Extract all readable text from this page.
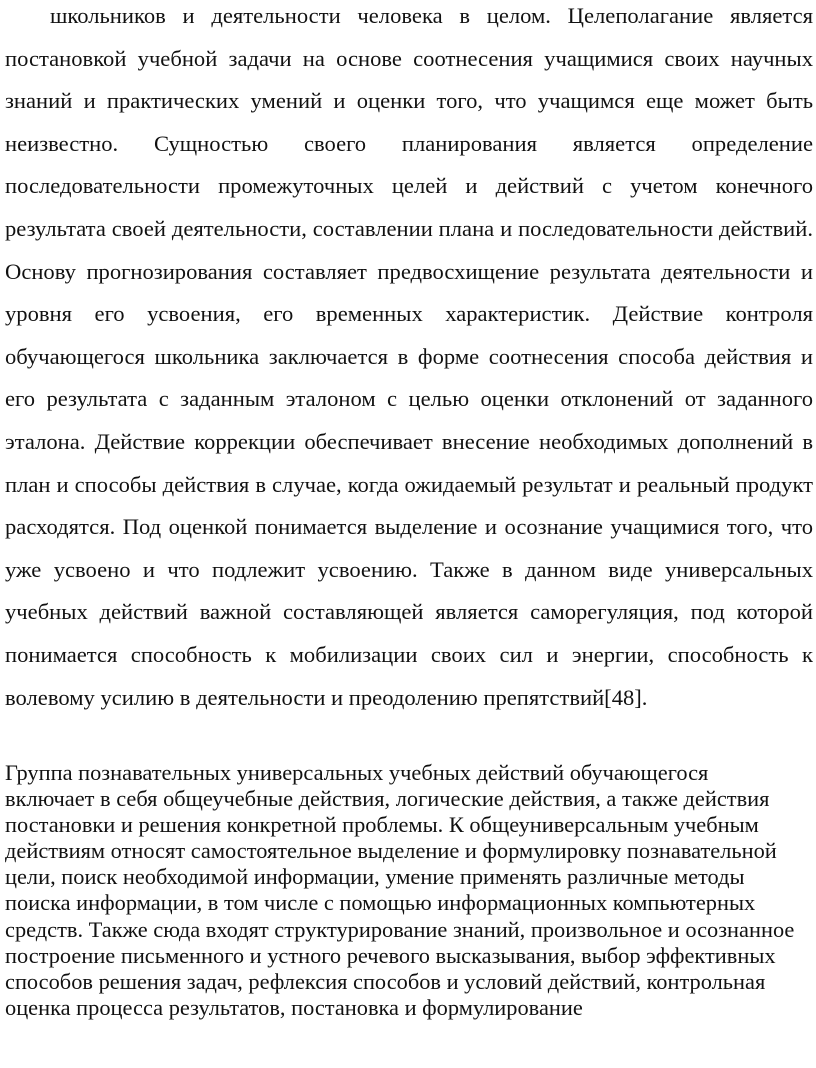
школьников и деятельности человека в целом. Целеполагание является постановкой учебной задачи на основе соотнесения учащимися своих научных знаний и практических умений и оценки того, что учащимся еще может быть неизвестно. Сущностью своего планирования является определение последовательности промежуточных целей и действий с учетом конечного результата своей деятельности, составлении плана и последовательности действий. Основу прогнозирования составляет предвосхищение результата деятельности и уровня его усвоения, его временных характеристик. Действие контроля обучающегося школьника заключается в форме соотнесения способа действия и его результата с заданным эталоном с целью оценки отклонений от заданного эталона. Действие коррекции обеспечивает внесение необходимых дополнений в план и способы действия в случае, когда ожидаемый результат и реальный продукт расходятся. Под оценкой понимается выделение и осознание учащимися того, что уже усвоено и что подлежит усвоению. Также в данном виде универсальных учебных действий важной составляющей является саморегуляция, под которой понимается способность к мобилизации своих сил и энергии, способность к волевому усилию в деятельности и преодолению препятствий[48].

Группа познавательных универсальных учебных действий обучающегося включает в себя общеучебные действия, логические действия, а также действия постановки и решения конкретной проблемы. К общеуниверсальным учебным действиям относят самостоятельное выделение и формулировку познавательной цели, поиск необходимой информации, умение применять различные методы поиска информации, в том числе с помощью информационных компьютерных средств. Также сюда входят структурирование знаний, произвольное и осознанное построение письменного и устного речевого высказывания, выбор эффективных способов решения задач, рефлексия способов и условий действий, контрольная оценка процесса результатов, постановка и формулирование
